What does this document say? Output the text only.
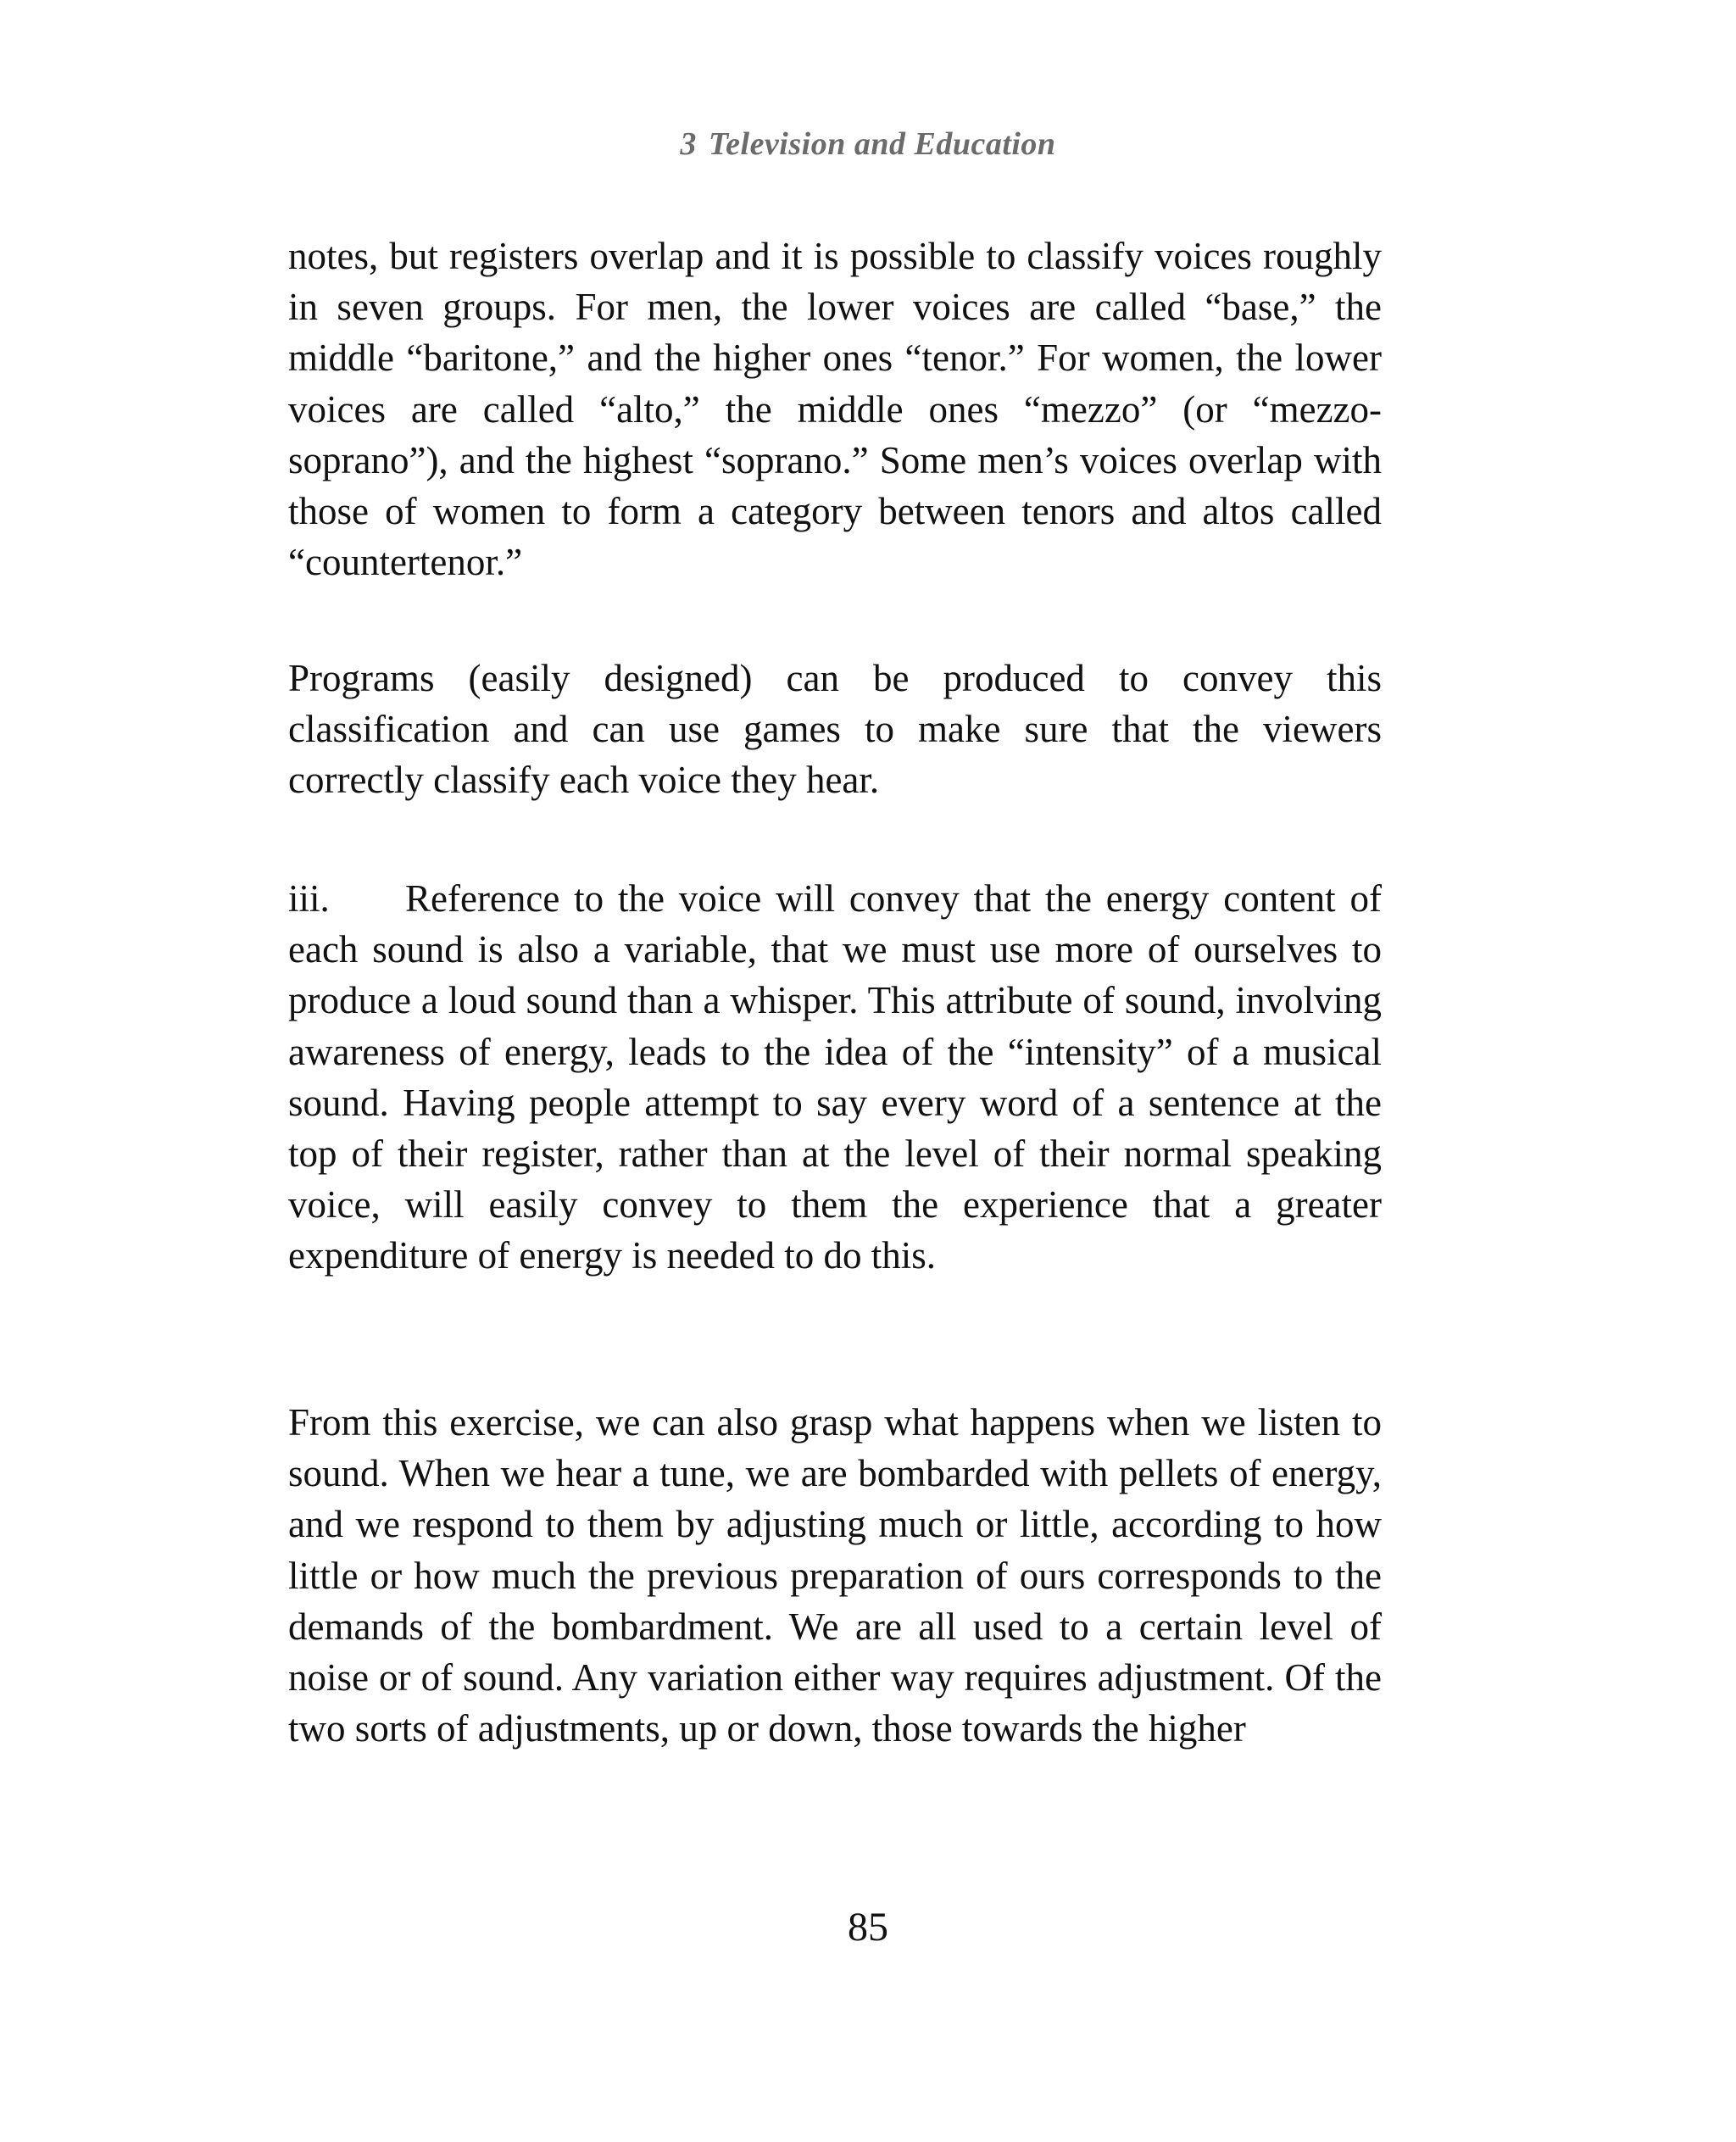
3 Television and Education

notes, but registers overlap and it is possible to classify voices roughly in seven groups. For men, the lower voices are called “base,” the middle “baritone,” and the higher ones “tenor.” For women, the lower voices are called “alto,” the middle ones “mezzo” (or “mezzo-soprano”), and the highest “soprano.” Some men’s voices overlap with those of women to form a category between tenors and altos called “countertenor.”

Programs (easily designed) can be produced to convey this classification and can use games to make sure that the viewers correctly classify each voice they hear.

iii. Reference to the voice will convey that the energy content of each sound is also a variable, that we must use more of ourselves to produce a loud sound than a whisper. This attribute of sound, involving awareness of energy, leads to the idea of the “intensity” of a musical sound. Having people attempt to say every word of a sentence at the top of their register, rather than at the level of their normal speaking voice, will easily convey to them the experience that a greater expenditure of energy is needed to do this.

From this exercise, we can also grasp what happens when we listen to sound. When we hear a tune, we are bombarded with pellets of energy, and we respond to them by adjusting much or little, according to how little or how much the previous preparation of ours corresponds to the demands of the bombardment. We are all used to a certain level of noise or of sound. Any variation either way requires adjustment. Of the two sorts of adjustments, up or down, those towards the higher

85
